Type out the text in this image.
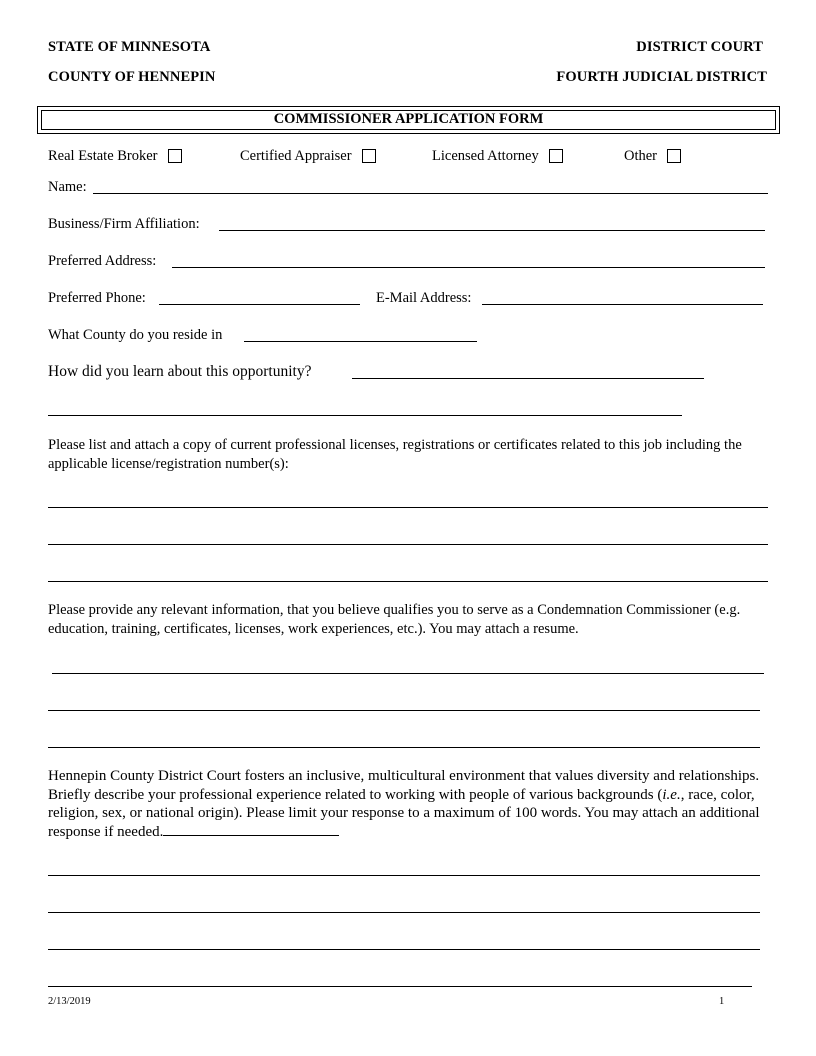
STATE OF MINNESOTA
COUNTY OF HENNEPIN
DISTRICT COURT
FOURTH JUDICIAL DISTRICT
COMMISSIONER APPLICATION FORM
Real Estate Broker	Certified Appraiser	Licensed Attorney	Other
Name:
Business/Firm Affiliation:
Preferred Address:
Preferred Phone:	E-Mail Address:
What County do you reside in
How did you learn about this opportunity?
Please list and attach a copy of current professional licenses, registrations or certificates related to this job including the applicable license/registration number(s):
Please provide any relevant information, that you believe qualifies you to serve as a Condemnation Commissioner (e.g. education, training, certificates, licenses, work experiences, etc.). You may attach a resume.
Hennepin County District Court fosters an inclusive, multicultural environment that values diversity and relationships. Briefly describe your professional experience related to working with people of various backgrounds (i.e., race, color, religion, sex, or national origin). Please limit your response to a maximum of 100 words. You may attach an additional response if needed.
2/13/2019	1
